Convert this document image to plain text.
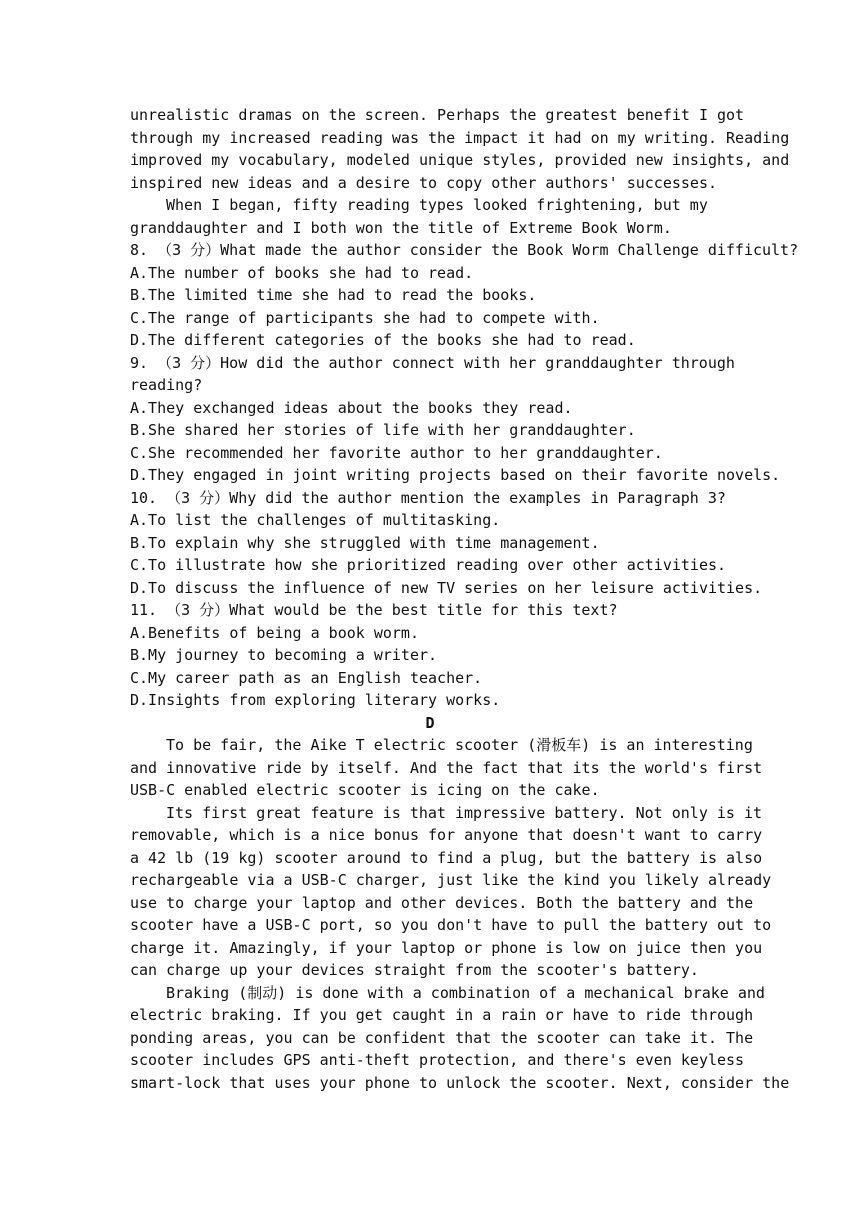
unrealistic dramas on the screen. Perhaps the greatest benefit I got
through my increased reading was the impact it had on my writing. Reading
improved my vocabulary, modeled unique styles, provided new insights, and
inspired new ideas and a desire to copy other authors' successes.
When I began, fifty reading types looked frightening, but my
granddaughter and I both won the title of Extreme Book Worm.
8. （3 分）What made the author consider the Book Worm Challenge difficult?
A.The number of books she had to read.
B.The limited time she had to read the books.
C.The range of participants she had to compete with.
D.The different categories of the books she had to read.
9. （3 分）How did the author connect with her granddaughter through
reading?
A.They exchanged ideas about the books they read.
B.She shared her stories of life with her granddaughter.
C.She recommended her favorite author to her granddaughter.
D.They engaged in joint writing projects based on their favorite novels.
10. （3 分）Why did the author mention the examples in Paragraph 3?
A.To list the challenges of multitasking.
B.To explain why she struggled with time management.
C.To illustrate how she prioritized reading over other activities.
D.To discuss the influence of new TV series on her leisure activities.
11. （3 分）What would be the best title for this text?
A.Benefits of being a book worm.
B.My journey to becoming a writer.
C.My career path as an English teacher.
D.Insights from exploring literary works.
D
To be fair, the Aike T electric scooter (滑板车) is an interesting
and innovative ride by itself. And the fact that its the world's first
USB-C enabled electric scooter is icing on the cake.
Its first great feature is that impressive battery. Not only is it
removable, which is a nice bonus for anyone that doesn't want to carry
a 42 lb (19 kg) scooter around to find a plug, but the battery is also
rechargeable via a USB-C charger, just like the kind you likely already
use to charge your laptop and other devices. Both the battery and the
scooter have a USB-C port, so you don't have to pull the battery out to
charge it. Amazingly, if your laptop or phone is low on juice then you
can charge up your devices straight from the scooter's battery.
Braking (制动) is done with a combination of a mechanical brake and
electric braking. If you get caught in a rain or have to ride through
ponding areas, you can be confident that the scooter can take it. The
scooter includes GPS anti-theft protection, and there's even keyless
smart-lock that uses your phone to unlock the scooter. Next, consider the
